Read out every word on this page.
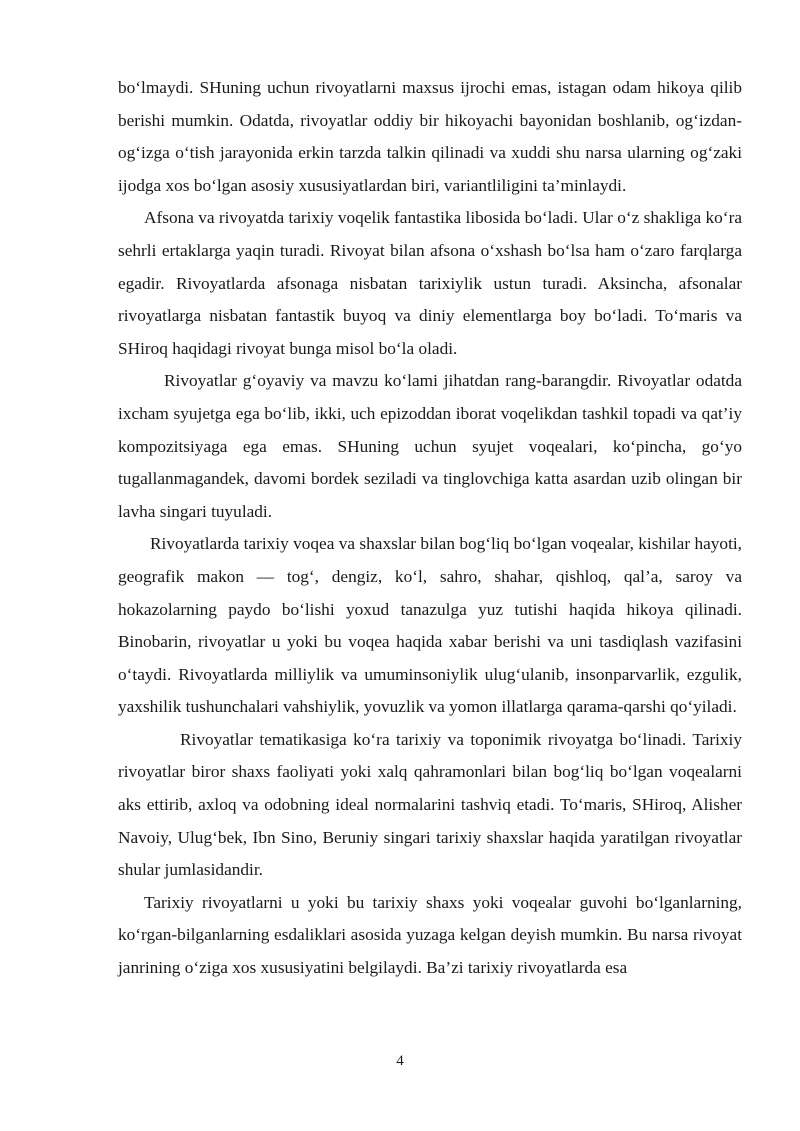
bo‘lmaydi. SHuning uchun rivoyatlarni maxsus ijrochi emas, istagan odam hikoya qilib berishi mumkin. Odatda, rivoyatlar oddiy bir hikoyachi bayonidan boshlanib, og‘izdan-og‘izga o‘tish jarayonida erkin tarzda talkin qilinadi va xuddi shu narsa ularning og‘zaki ijodga xos bo‘lgan asosiy xususiyatlardan biri, variantliligini ta’minlaydi.

Afsona va rivoyatda tarixiy voqelik fantastika libosida bo‘ladi. Ular o‘z shakliga ko‘ra sehrli ertaklarga yaqin turadi. Rivoyat bilan afsona o‘xshash bo‘lsa ham o‘zaro farqlarga egadir. Rivoyatlarda afsonaga nisbatan tarixiylik ustun turadi. Aksincha, afsonalar rivoyatlarga nisbatan fantastik buyoq va diniy elementlarga boy bo‘ladi. To‘maris va SHiroq haqidagi rivoyat bunga misol bo‘la oladi.

Rivoyatlar g‘oyaviy va mavzu ko‘lami jihatdan rang-barangdir. Rivoyatlar odatda ixcham syujetga ega bo‘lib, ikki, uch epizoddan iborat voqelikdan tashkil topadi va qat’iy kompozitsiyaga ega emas. SHuning uchun syujet voqealari, ko‘pincha, go‘yo tugallanmagandek, davomi bordek seziladi va tinglovchiga katta asardan uzib olingan bir lavha singari tuyuladi.

Rivoyatlarda tarixiy voqea va shaxslar bilan bog‘liq bo‘lgan voqealar, kishilar hayoti, geografik makon — tog‘, dengiz, ko‘l, sahro, shahar, qishloq, qal’a, saroy va hokazolarning paydo bo‘lishi yoxud tanazulga yuz tutishi haqida hikoya qilinadi. Binobarin, rivoyatlar u yoki bu voqea haqida xabar berishi va uni tasdiqlash vazifasini o‘taydi. Rivoyatlarda milliylik va umuminsoniylik ulug‘ulanib, insonparvarlik, ezgulik, yaxshilik tushunchalari vahshiylik, yovuzlik va yomon illatlarga qarama-qarshi qo‘yiladi.

Rivoyatlar tematikasiga ko‘ra tarixiy va toponimik rivoyatga bo‘linadi. Tarixiy rivoyatlar biror shaxs faoliyati yoki xalq qahramonlari bilan bog‘liq bo‘lgan voqealarni aks ettirib, axloq va odobning ideal normalarini tashviq etadi. To‘maris, SHiroq, Alisher Navoiy, Ulug‘bek, Ibn Sino, Beruniy singari tarixiy shaxslar haqida yaratilgan rivoyatlar shular jumlasidandir.

Tarixiy rivoyatlarni u yoki bu tarixiy shaxs yoki voqealar guvohi bo‘lganlarning, ko‘rgan-bilganlarning esdaliklari asosida yuzaga kelgan deyish mumkin. Bu narsa rivoyat janrining o‘ziga xos xususiyatini belgilaydi. Ba’zi tarixiy rivoyatlarda esa

4
